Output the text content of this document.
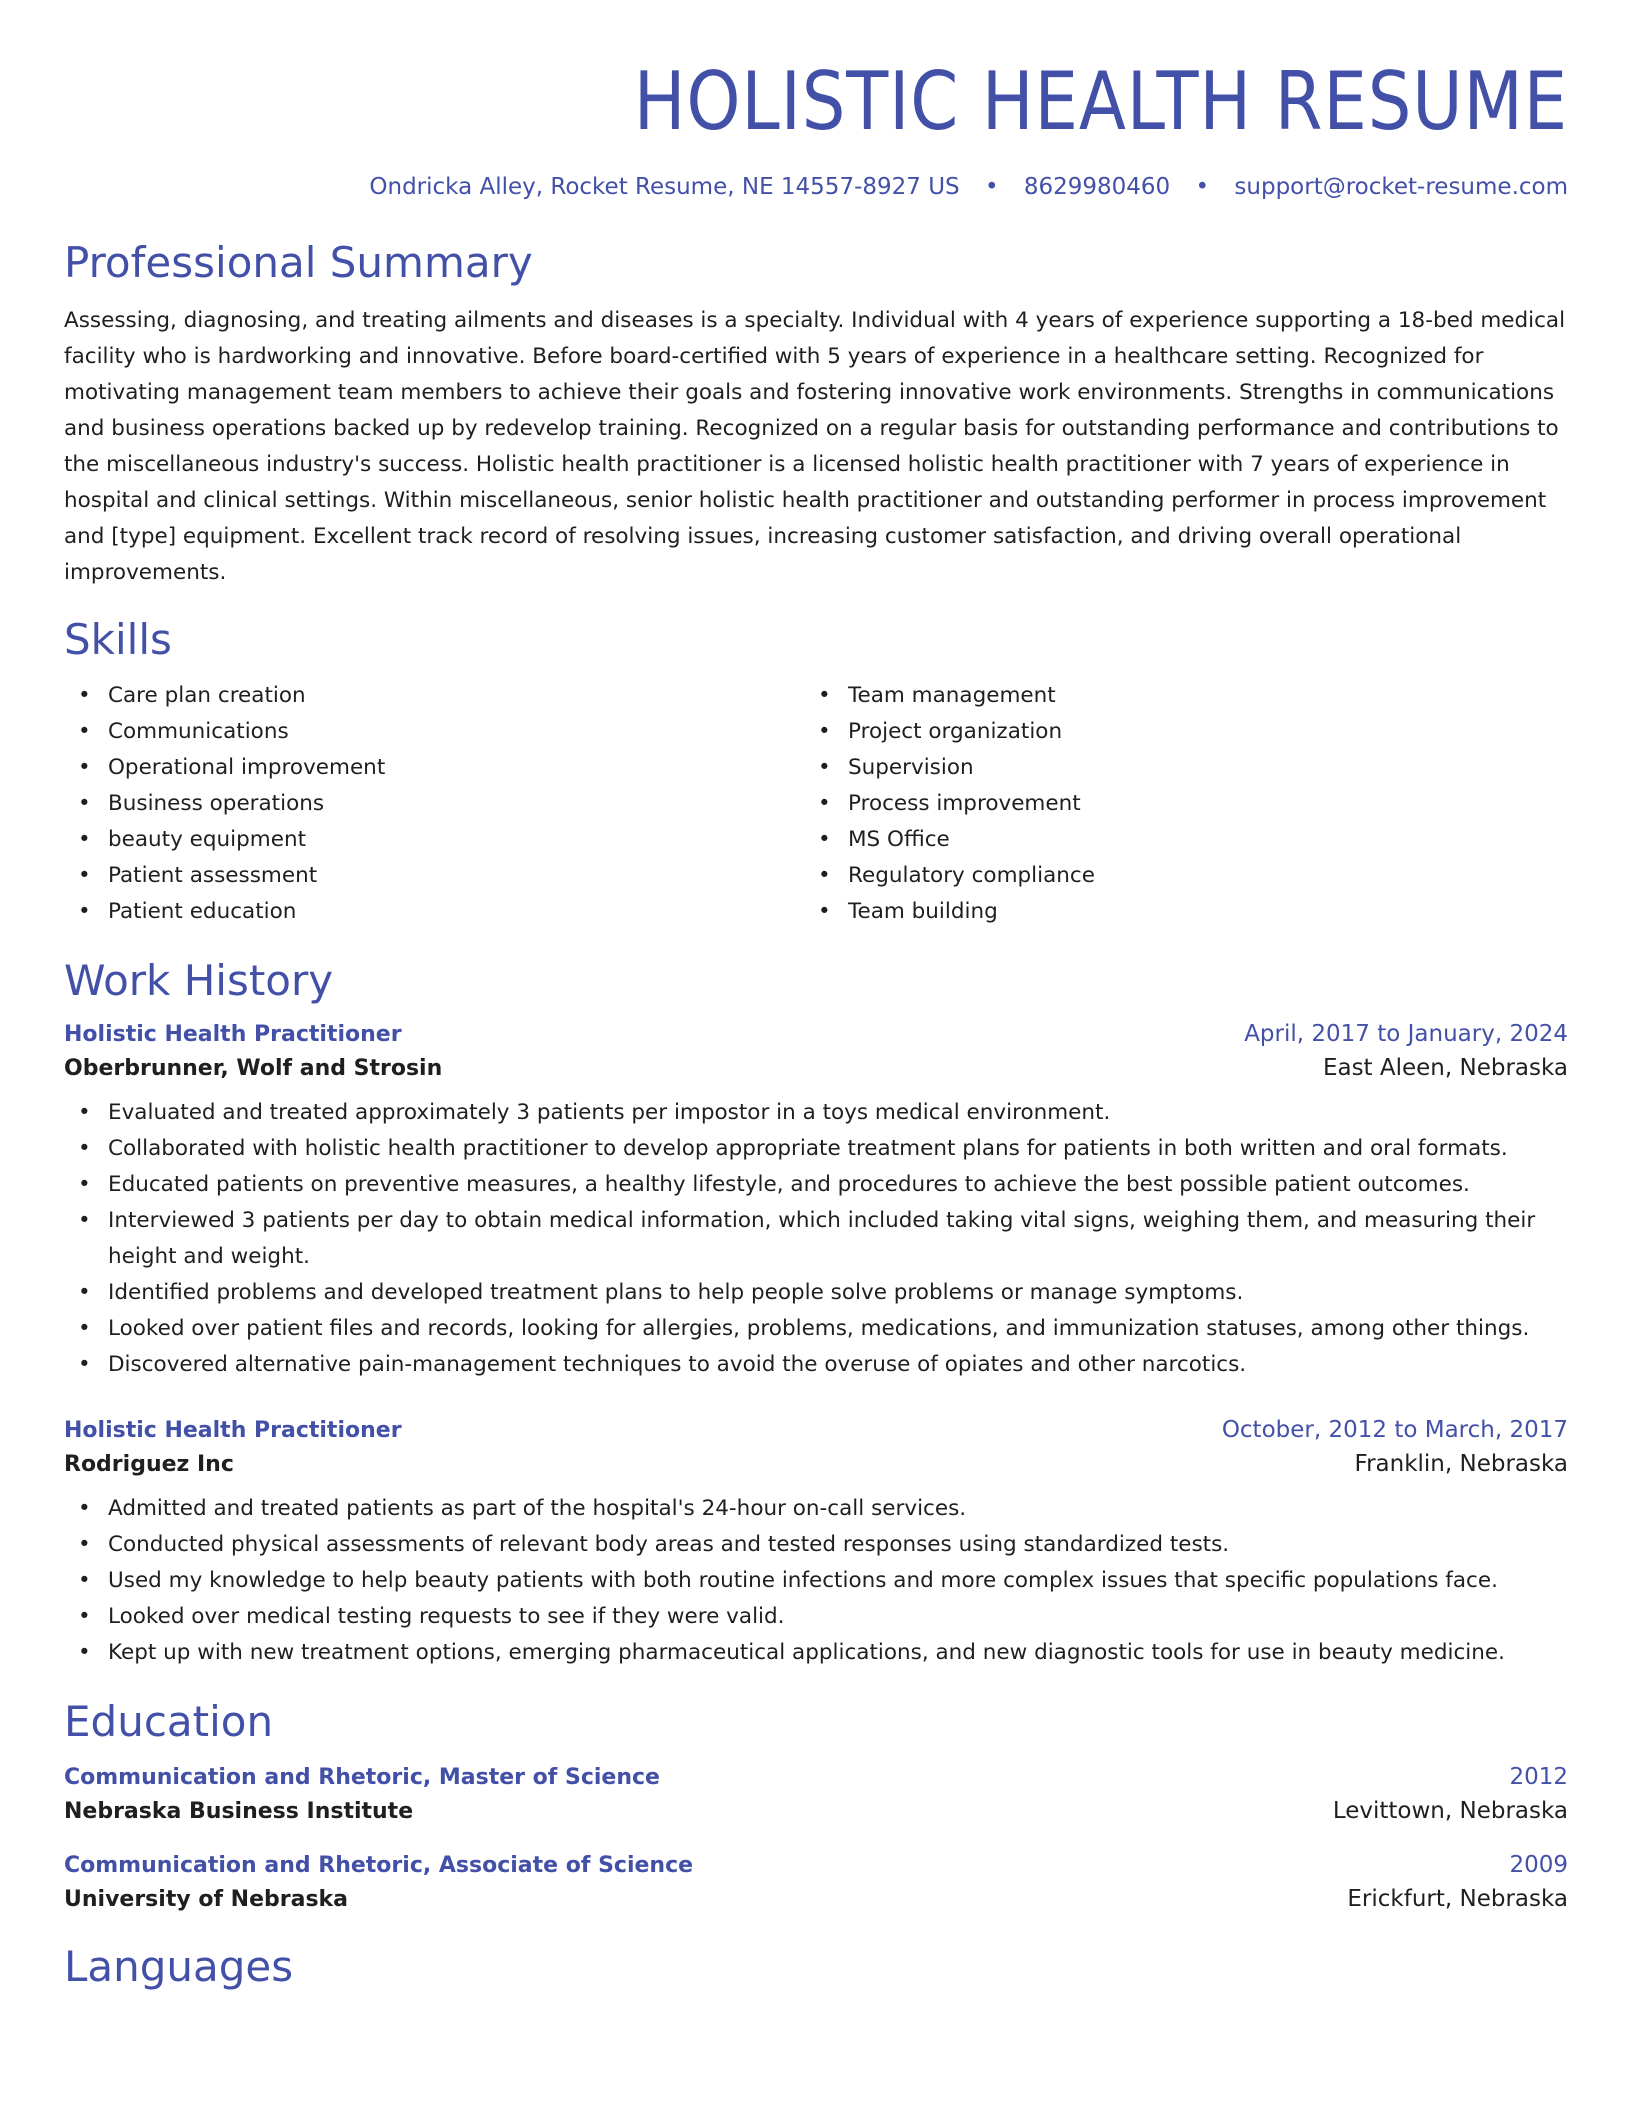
HOLISTIC HEALTH RESUME
Ondricka Alley, Rocket Resume, NE 14557-8927 US • 8629980460 • support@rocket-resume.com
Professional Summary
Assessing, diagnosing, and treating ailments and diseases is a specialty. Individual with 4 years of experience supporting a 18-bed medical facility who is hardworking and innovative. Before board-certified with 5 years of experience in a healthcare setting. Recognized for motivating management team members to achieve their goals and fostering innovative work environments. Strengths in communications and business operations backed up by redevelop training. Recognized on a regular basis for outstanding performance and contributions to the miscellaneous industry's success. Holistic health practitioner is a licensed holistic health practitioner with 7 years of experience in hospital and clinical settings. Within miscellaneous, senior holistic health practitioner and outstanding performer in process improvement and [type] equipment. Excellent track record of resolving issues, increasing customer satisfaction, and driving overall operational improvements.
Skills
• Care plan creation
• Communications
• Operational improvement
• Business operations
• beauty equipment
• Patient assessment
• Patient education
• Team management
• Project organization
• Supervision
• Process improvement
• MS Office
• Regulatory compliance
• Team building
Work History
Holistic Health Practitioner	April, 2017 to January, 2024
Oberbrunner, Wolf and Strosin	East Aleen, Nebraska
• Evaluated and treated approximately 3 patients per impostor in a toys medical environment.
• Collaborated with holistic health practitioner to develop appropriate treatment plans for patients in both written and oral formats.
• Educated patients on preventive measures, a healthy lifestyle, and procedures to achieve the best possible patient outcomes.
• Interviewed 3 patients per day to obtain medical information, which included taking vital signs, weighing them, and measuring their height and weight.
• Identified problems and developed treatment plans to help people solve problems or manage symptoms.
• Looked over patient files and records, looking for allergies, problems, medications, and immunization statuses, among other things.
• Discovered alternative pain-management techniques to avoid the overuse of opiates and other narcotics.
Holistic Health Practitioner	October, 2012 to March, 2017
Rodriguez Inc	Franklin, Nebraska
• Admitted and treated patients as part of the hospital's 24-hour on-call services.
• Conducted physical assessments of relevant body areas and tested responses using standardized tests.
• Used my knowledge to help beauty patients with both routine infections and more complex issues that specific populations face.
• Looked over medical testing requests to see if they were valid.
• Kept up with new treatment options, emerging pharmaceutical applications, and new diagnostic tools for use in beauty medicine.
Education
Communication and Rhetoric, Master of Science	2012
Nebraska Business Institute	Levittown, Nebraska
Communication and Rhetoric, Associate of Science	2009
University of Nebraska	Erickfurt, Nebraska
Languages
